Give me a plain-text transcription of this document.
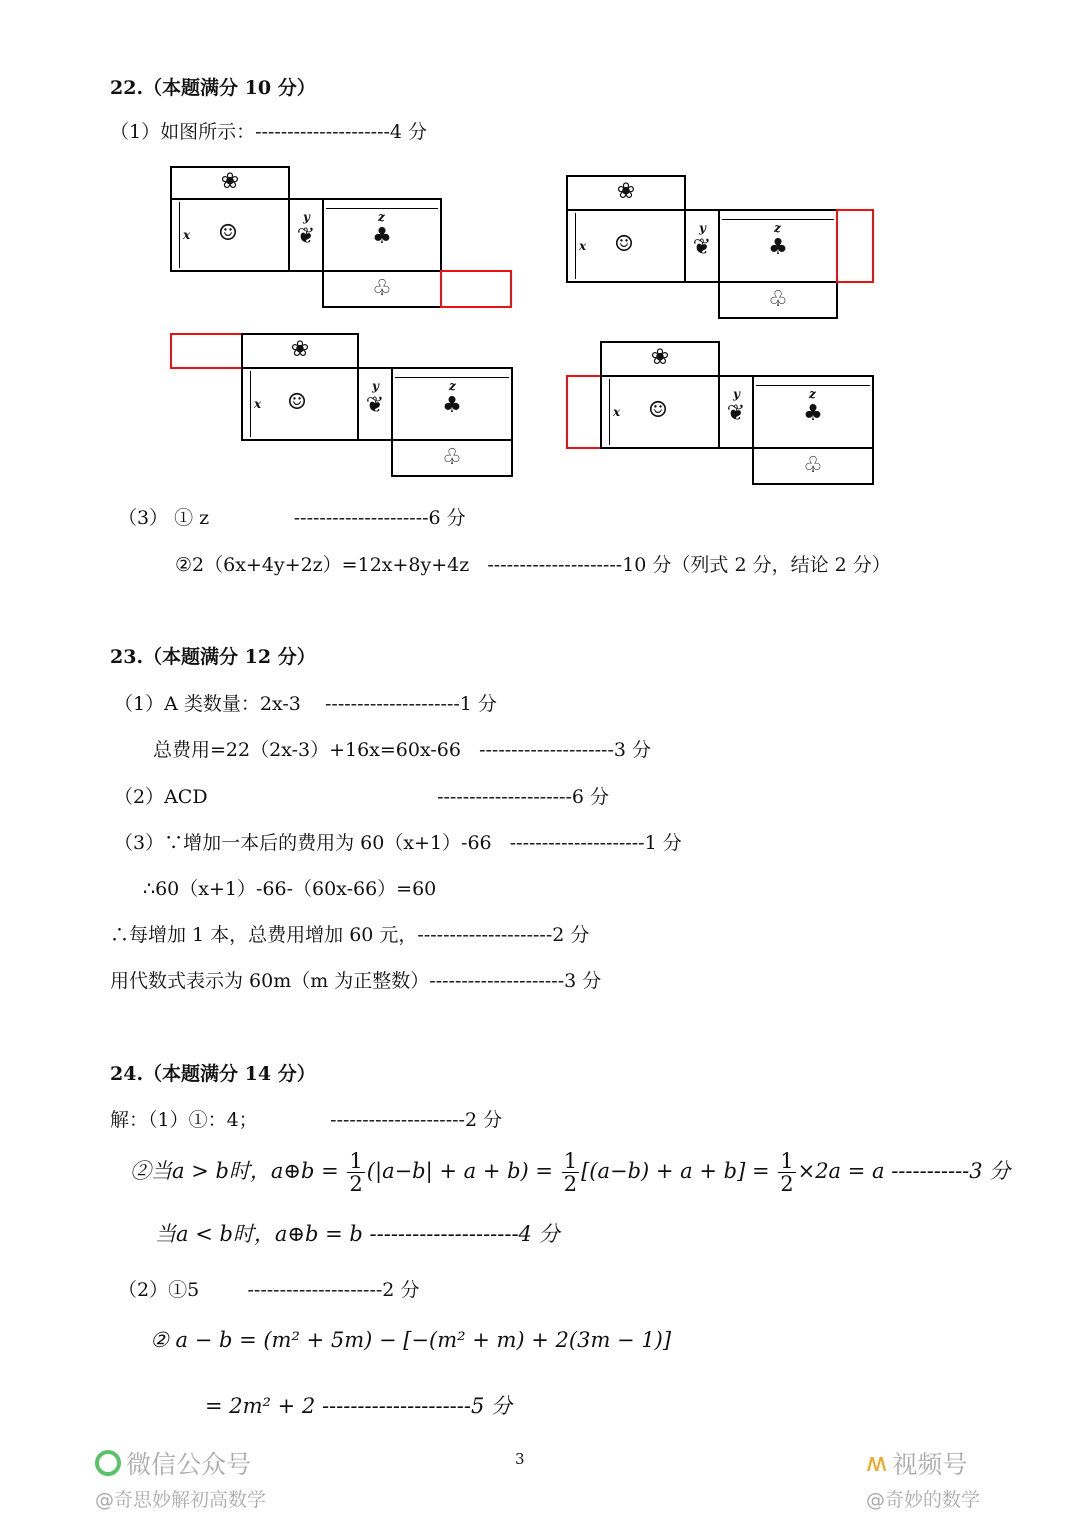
22.（本题满分 10 分）
（1）如图所示：---------------------4 分
❀
☺	❦	♣
♧
x
y	z
❀
☺	❦	♣
♧
x
y	z
❀
☺	❦	♣
♧
x
y	z
❀
☺	❦	♣
♧
x
y	z
（3） ① z              ---------------------6 分
②2（6x+4y+2z）=12x+8y+4z   ---------------------10 分（列式 2 分，结论 2 分）
23.（本题满分 12 分）
（1）A 类数量：2x-3    ---------------------1 分
总费用=22（2x-3）+16x=60x-66   ---------------------3 分
（2）ACD                                      ---------------------6 分
（3）∵增加一本后的费用为 60（x+1）-66   ---------------------1 分
∴60（x+1）-66-（60x-66）=60
∴每增加 1 本，总费用增加 60 元，---------------------2 分
用代数式表示为 60m（m 为正整数）---------------------3 分
24.（本题满分 14 分）
解：（1）①：4；            ---------------------2 分
②当a > b时，a⊕b = $\frac{1}{2} (|a-b| + a + b) = \frac{1}{2} [(a-b) + a + b] = \frac{1}{2} \times 2a = a$ -----------3 分
当a < b时，a⊕b = b ---------------------4 分
（2）①5        ---------------------2 分
② a − b = (m² + 5m) − [−(m² + m) + 2(3m − 1)]
= 2m² + 2 ---------------------5 分
3
微信公众号
@奇思妙解初高数学
ʍ 视频号
@奇妙的数学
